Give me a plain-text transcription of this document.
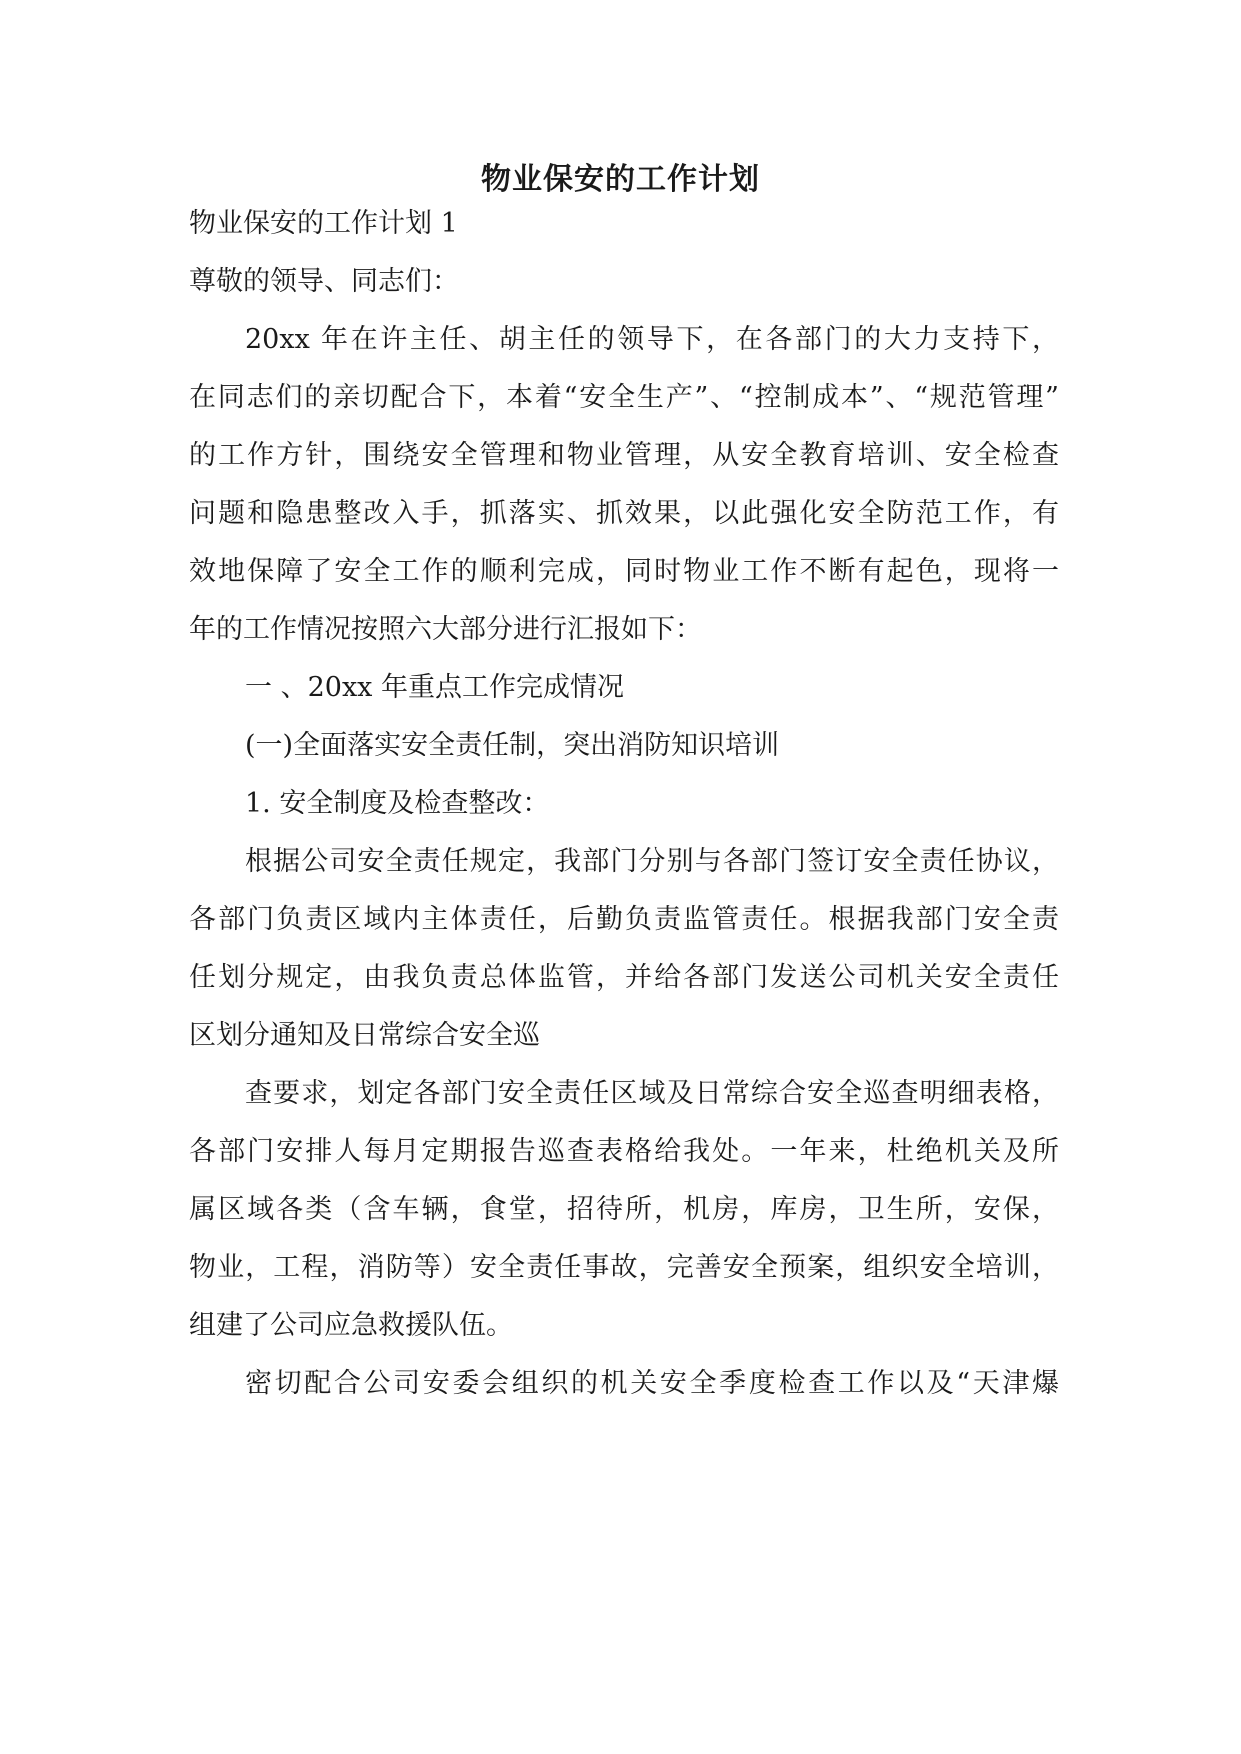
物业保安的工作计划
物业保安的工作计划 1
尊敬的领导、同志们：
20xx 年在许主任、胡主任的领导下，在各部门的大力支持下，
在同志们的亲切配合下，本着“安全生产”、“控制成本”、“规范管理”
的工作方针，围绕安全管理和物业管理，从安全教育培训、安全检查
问题和隐患整改入手，抓落实、抓效果，以此强化安全防范工作，有
效地保障了安全工作的顺利完成，同时物业工作不断有起色，现将一
年的工作情况按照六大部分进行汇报如下：
一 、20xx 年重点工作完成情况
(一)全面落实安全责任制，突出消防知识培训
1. 安全制度及检查整改：
根据公司安全责任规定，我部门分别与各部门签订安全责任协议，
各部门负责区域内主体责任，后勤负责监管责任。根据我部门安全责
任划分规定，由我负责总体监管，并给各部门发送公司机关安全责任
区划分通知及日常综合安全巡
查要求，划定各部门安全责任区域及日常综合安全巡查明细表格，
各部门安排人每月定期报告巡查表格给我处。一年来，杜绝机关及所
属区域各类（含车辆，食堂，招待所，机房，库房，卫生所，安保，
物业，工程，消防等）安全责任事故，完善安全预案，组织安全培训，
组建了公司应急救援队伍。
密切配合公司安委会组织的机关安全季度检查工作以及“天津爆
